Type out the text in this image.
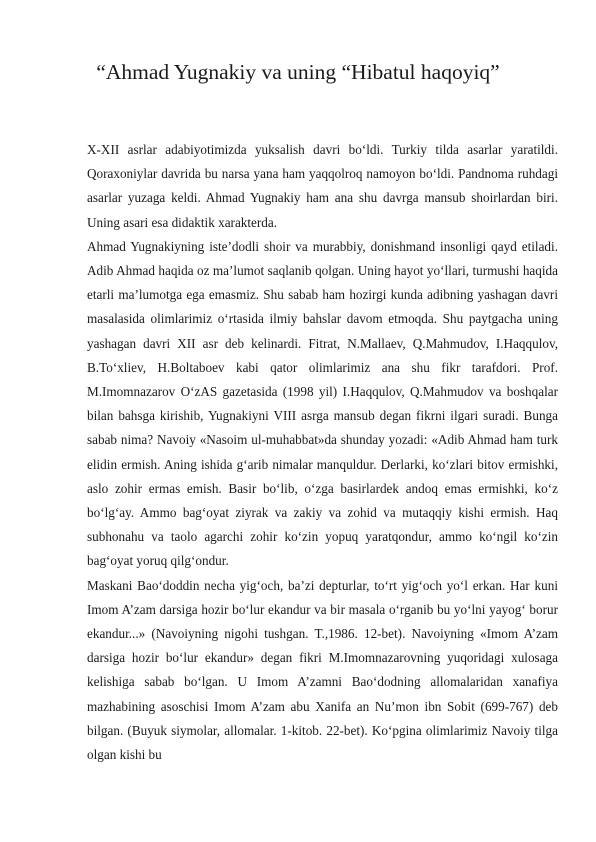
“Ahmad Yugnakiy va uning “Hibatul haqoyiq”

X-XII asrlar adabiyotimizda yuksalish davri bo‘ldi. Turkiy tilda asarlar yaratildi. Qoraxoniylar davrida bu narsa yana ham yaqqolroq namoyon bo‘ldi. Pandnoma ruhdagi asarlar yuzaga keldi. Ahmad Yugnakiy ham ana shu davrga mansub shoirlardan biri. Uning asari esa didaktik xarakterda.

Ahmad Yugnakiyning iste’dodli shoir va murabbiy, donishmand insonligi qayd etiladi. Adib Ahmad haqida oz ma’lumot saqlanib qolgan. Uning hayot yo‘llari, turmushi haqida etarli ma’lumotga ega emasmiz. Shu sabab ham hozirgi kunda adibning yashagan davri masalasida olimlarimiz o‘rtasida ilmiy bahslar davom etmoqda. Shu paytgacha uning yashagan davri XII asr deb kelinardi. Fitrat, N.Mallaev, Q.Mahmudov, I.Haqqulov, B.To‘xliev, H.Boltaboev kabi qator olimlarimiz ana shu fikr tarafdori. Prof. M.Imomnazarov O‘zAS gazetasida (1998 yil) I.Haqqulov, Q.Mahmudov va boshqalar bilan bahsga kirishib, Yugnakiyni VIII asrga mansub degan fikrni ilgari suradi. Bunga sabab nima? Navoiy «Nasoim ul-muhabbat»da shunday yozadi: «Adib Ahmad ham turk elidin ermish. Aning ishida g‘arib nimalar manquldur. Derlarki, ko‘zlari bitov ermishki, aslo zohir ermas emish. Basir bo‘lib, o‘zga basirlardek andoq emas ermishki, ko‘z bo‘lg‘ay. Ammo bag‘oyat ziyrak va zakiy va zohid va mutaqqiy kishi ermish. Haq subhonahu va taolo agarchi zohir ko‘zin yopuq yaratqondur, ammo ko‘ngil ko‘zin bag‘oyat yoruq qilg‘ondur.

Maskani Bao‘doddin necha yig‘och, ba’zi depturlar, to‘rt yig‘och yo‘l erkan. Har kuni Imom A’zam darsiga hozir bo‘lur ekandur va bir masala o‘rganib bu yo‘lni yayog‘ borur ekandur...» (Navoiyning nigohi tushgan. T.,1986. 12-bet). Navoiyning «Imom A’zam darsiga hozir bo‘lur ekandur» degan fikri M.Imomnazarovning yuqoridagi xulosaga kelishiga sabab bo‘lgan. U Imom A’zamni Bao‘dodning allomalaridan xanafiya mazhabining asoschisi Imom A’zam abu Xanifa an Nu’mon ibn Sobit (699-767) deb bilgan. (Buyuk siymolar, allomalar. 1-kitob. 22-bet). Ko‘pgina olimlarimiz Navoiy tilga olgan kishi bu
